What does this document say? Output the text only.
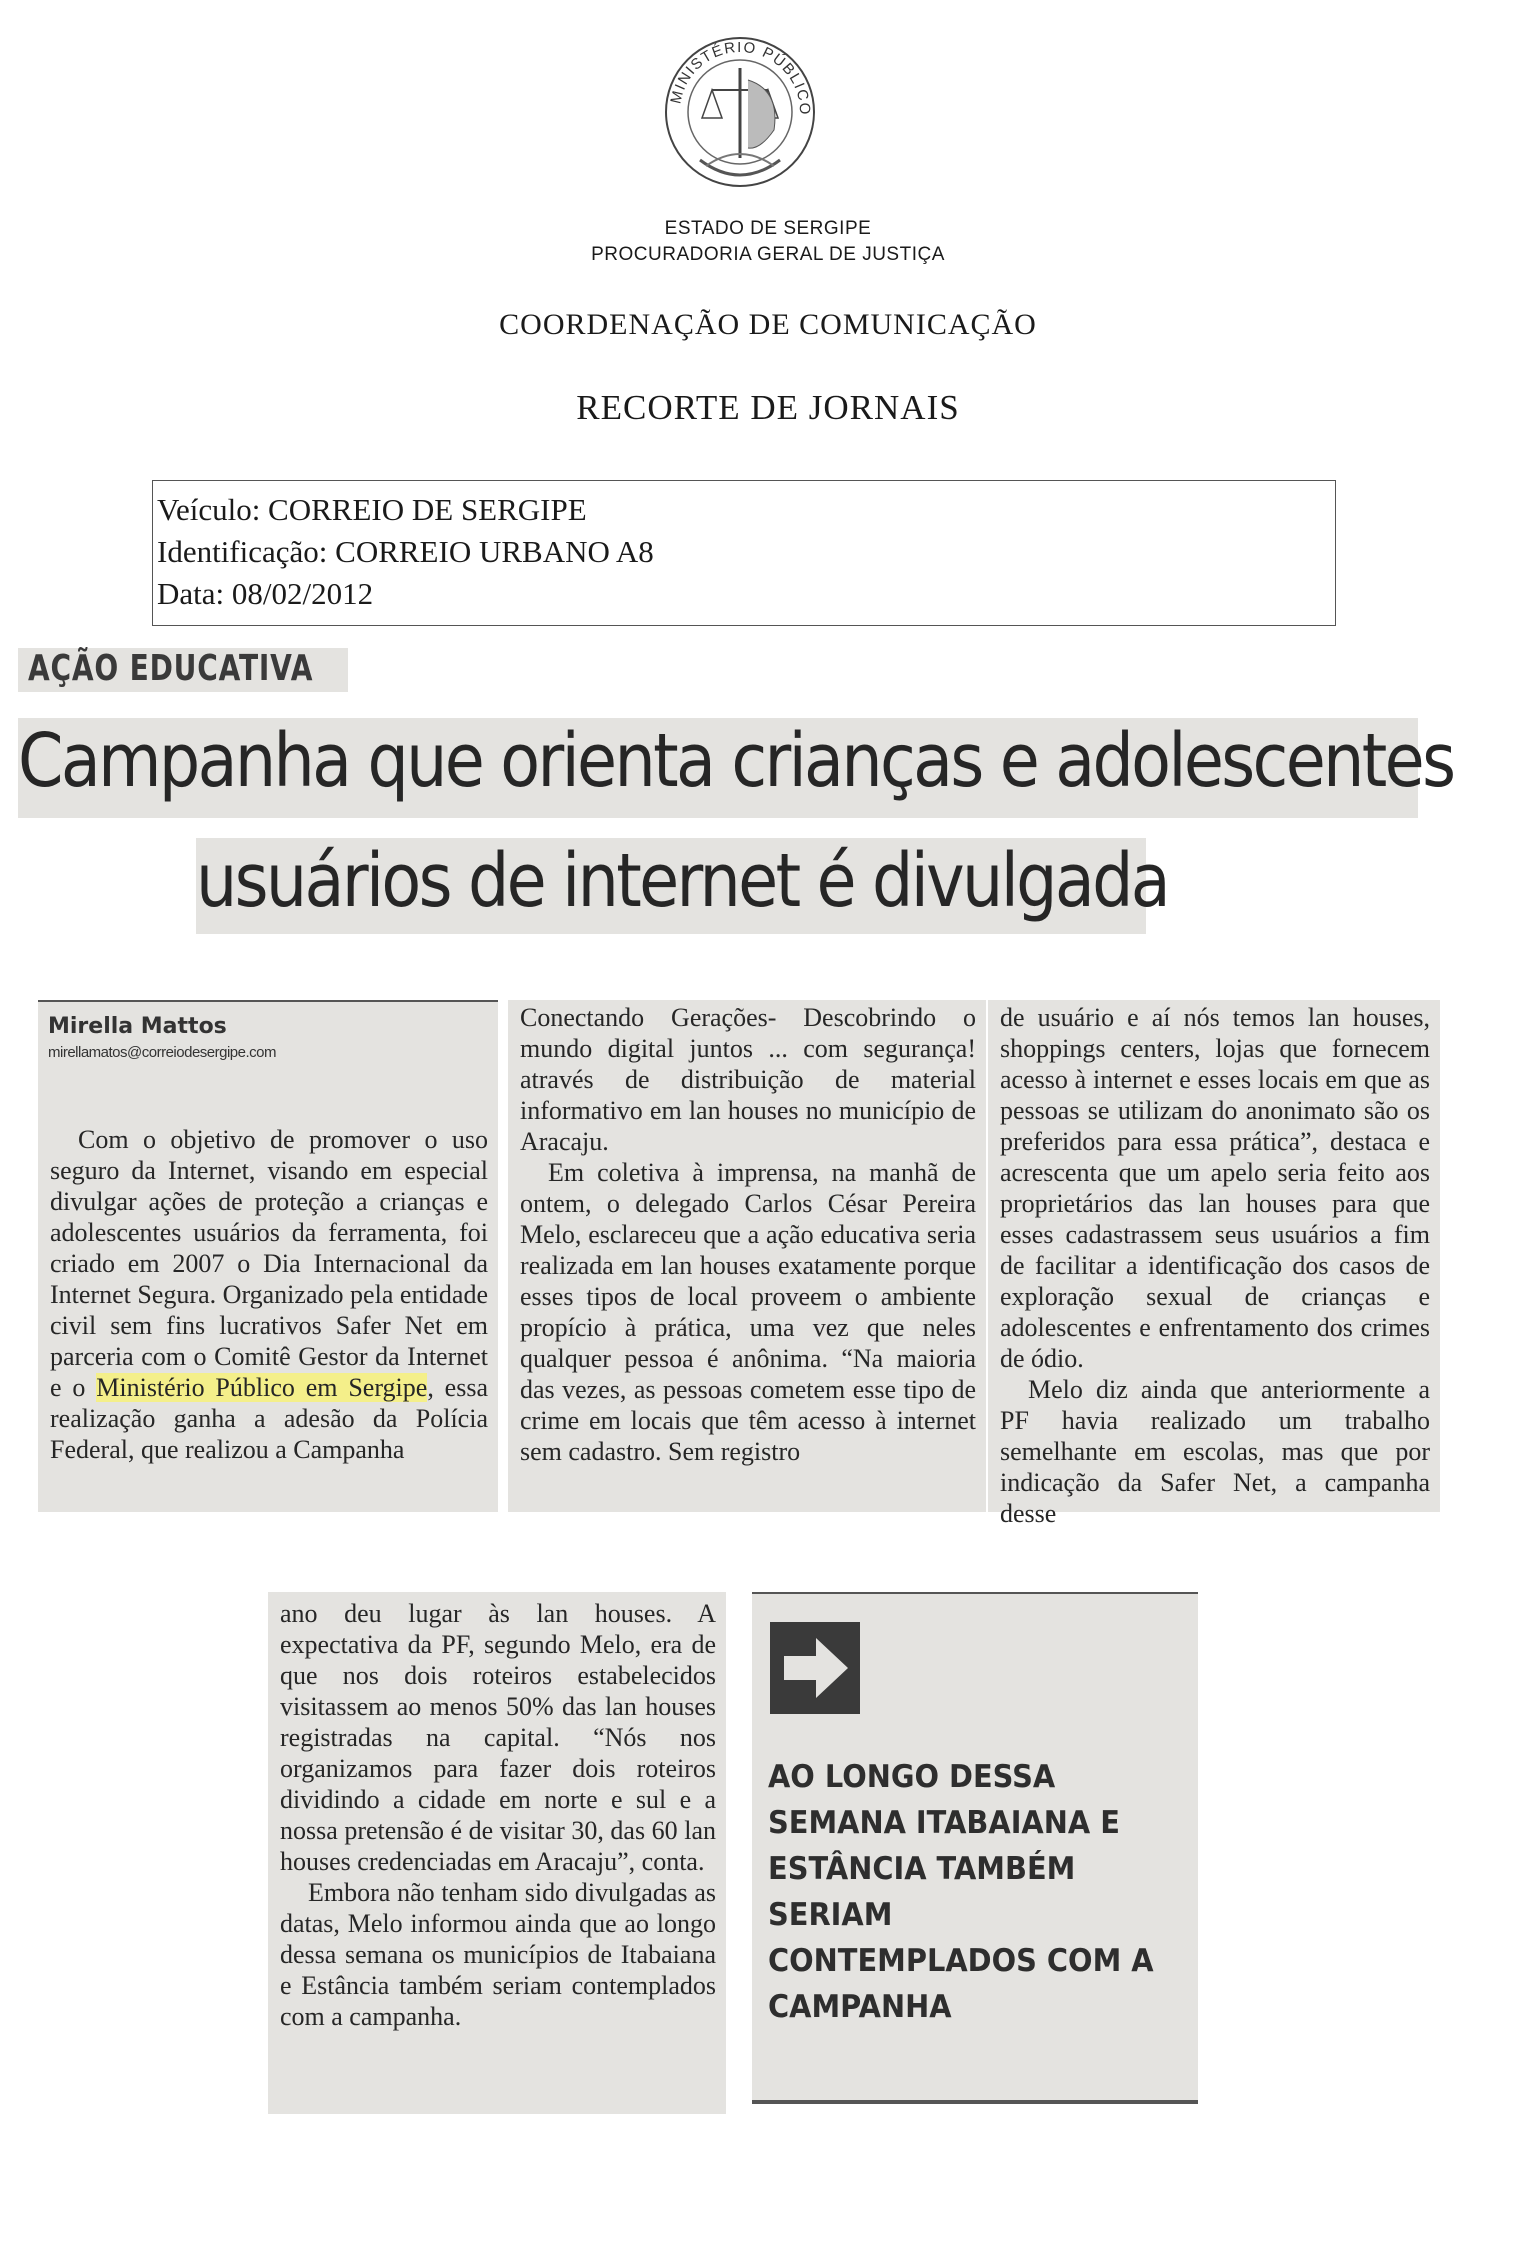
MINISTÉRIO PÚBLICO
ESTADO DE SERGIPE
PROCURADORIA GERAL DE JUSTIÇA
COORDENAÇÃO DE COMUNICAÇÃO
RECORTE DE JORNAIS
Veículo: CORREIO DE SERGIPE
Identificação: CORREIO URBANO A8
Data: 08/02/2012
AÇÃO EDUCATIVA
Campanha que orienta crianças e adolescentes
usuários de internet é divulgada
Mirella Mattos
mirellamatos@correiodesergipe.com

Com o objetivo de promover o uso seguro da Internet, visando em especial divulgar ações de proteção a crianças e adolescentes usuários da ferramenta, foi criado em 2007 o Dia Internacional da Internet Segura. Organizado pela entidade civil sem fins lucrativos Safer Net em parceria com o Comitê Gestor da Internet e o Ministério Público em Sergipe, essa realização ganha a adesão da Polícia Federal, que realizou a Campanha

Conectando Gerações- Descobrindo o mundo digital juntos ... com segurança! através de distribuição de material informativo em lan houses no município de Aracaju.

Em coletiva à imprensa, na manhã de ontem, o delegado Carlos César Pereira Melo, esclareceu que a ação educativa seria realizada em lan houses exatamente porque esses tipos de local proveem o ambiente propício à prática, uma vez que neles qualquer pessoa é anônima. “Na maioria das vezes, as pessoas cometem esse tipo de crime em locais que têm acesso à internet sem cadastro. Sem registro

de usuário e aí nós temos lan houses, shoppings centers, lojas que fornecem acesso à internet e esses locais em que as pessoas se utilizam do anonimato são os preferidos para essa prática”, destaca e acrescenta que um apelo seria feito aos proprietários das lan houses para que esses cadastrassem seus usuários a fim de facilitar a identificação dos casos de exploração sexual de crianças e adolescentes e enfrentamento dos crimes de ódio.

Melo diz ainda que anteriormente a PF havia realizado um trabalho semelhante em escolas, mas que por indicação da Safer Net, a campanha desse

ano deu lugar às lan houses. A expectativa da PF, segundo Melo, era de que nos dois roteiros estabelecidos visitassem ao menos 50% das lan houses registradas na capital. “Nós nos organizamos para fazer dois roteiros dividindo a cidade em norte e sul e a nossa pretensão é de visitar 30, das 60 lan houses credenciadas em Aracaju”, conta.

Embora não tenham sido divulgadas as datas, Melo informou ainda que ao longo dessa semana os municípios de Itabaiana e Estância também seriam contemplados com a campanha.

AO LONGO DESSA SEMANA ITABAIANA E ESTÂNCIA TAMBÉM SERIAM CONTEMPLADOS COM A CAMPANHA
